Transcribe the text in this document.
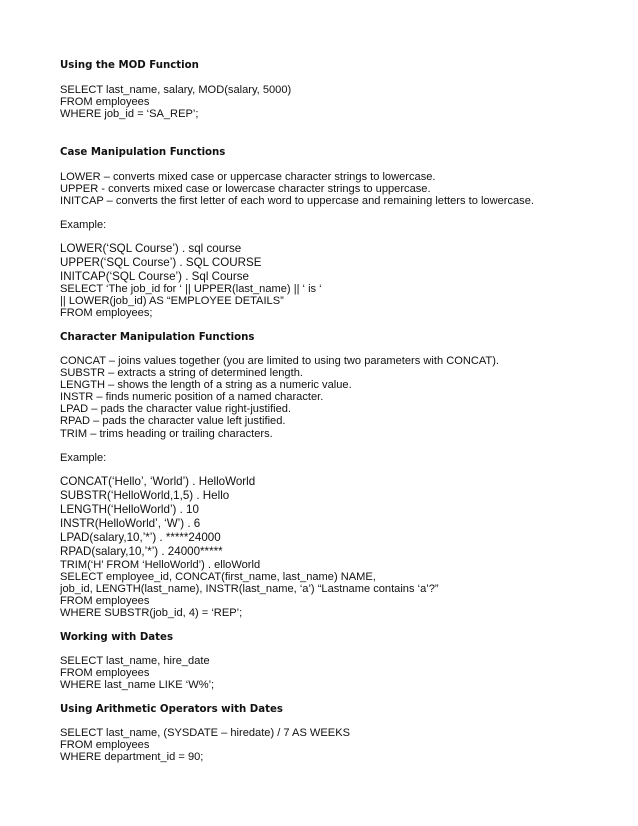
Using the MOD Function
SELECT last_name, salary, MOD(salary, 5000)
FROM employees
WHERE job_id = ‘SA_REP’;
Case Manipulation Functions
LOWER – converts mixed case or uppercase character strings to lowercase.
UPPER - converts mixed case or lowercase character strings to uppercase.
INITCAP – converts the first letter of each word to uppercase and remaining letters to lowercase.
Example:
LOWER(‘SQL Course’) . sql course
UPPER(‘SQL Course’) . SQL COURSE
INITCAP(‘SQL Course’) . Sql Course
SELECT ‘The job_id for ‘ || UPPER(last_name) || ‘ is ‘
|| LOWER(job_id) AS “EMPLOYEE DETAILS”
FROM employees;
Character Manipulation Functions
CONCAT – joins values together (you are limited to using two parameters with CONCAT).
SUBSTR – extracts a string of determined length.
LENGTH – shows the length of a string as a numeric value.
INSTR – finds numeric position of a named character.
LPAD – pads the character value right-justified.
RPAD – pads the character value left justified.
TRIM – trims heading or trailing characters.
Example:
CONCAT(‘Hello’, ‘World’) . HelloWorld
SUBSTR(‘HelloWorld,1,5) . Hello
LENGTH(‘HelloWorld’) . 10
INSTR(HelloWorld’, ‘W’) . 6
LPAD(salary,10,’*’) . *****24000
RPAD(salary,10,’*’) . 24000*****
TRIM(‘H’ FROM ‘HelloWorld’) . elloWorld
SELECT employee_id, CONCAT(first_name, last_name) NAME,
job_id, LENGTH(last_name), INSTR(last_name, ‘a’) “Lastname contains ‘a’?”
FROM employees
WHERE SUBSTR(job_id, 4) = ‘REP’;
Working with Dates
SELECT last_name, hire_date
FROM employees
WHERE last_name LIKE ‘W%’;
Using Arithmetic Operators with Dates
SELECT last_name, (SYSDATE – hiredate) / 7 AS WEEKS
FROM employees
WHERE department_id = 90;
